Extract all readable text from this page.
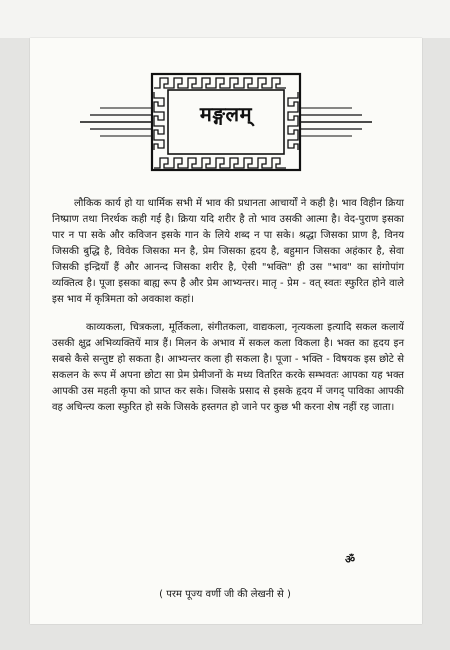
मङ्गलम्

लौकिक कार्य हो या धार्मिक सभी में भाव की प्रधानता आचार्यों ने कही है। भाव विहीन क्रिया निष्प्राण तथा निरर्थक कही गई है। क्रिया यदि शरीर है तो भाव उसकी आत्मा है। वेद-पुराण इसका पार न पा सके और कविजन इसके गान के लिये शब्द न पा सके। श्रद्धा जिसका प्राण है, विनय जिसकी बुद्धि है, विवेक जिसका मन है, प्रेम जिसका हृदय है, बहुमान जिसका अहंकार है, सेवा जिसकी इन्द्रियाँ हैं और आनन्द जिसका शरीर है, ऐसी "भक्ति" ही उस "भाव" का सांगोपांग व्यक्तित्व है। पूजा इसका बाह्य रूप है और प्रेम आभ्यन्तर। मातृ - प्रेम - वत् स्वतः स्फुरित होने वाले इस भाव में कृत्रिमता को अवकाश कहां।

काव्यकला, चित्रकला, मूर्तिकला, संगीतकला, वाद्यकला, नृत्यकला इत्यादि सकल कलायें उसकी क्षुद्र अभिव्यक्तियें मात्र हैं। मिलन के अभाव में सकल कला विकला है। भक्त का हृदय इन सबसे कैसे सन्तुष्ट हो सकता है। आभ्यन्तर कला ही सकला है। पूजा - भक्ति - विषयक इस छोटे से सकलन के रूप में अपना छोटा सा प्रेम प्रेमीजनों के मध्य वितरित करके सम्भवतः आपका यह भक्त आपकी उस महती कृपा को प्राप्त कर सके। जिसके प्रसाद से इसके हृदय में जगद् पाविका आपकी वह अचिन्त्य कला स्फुरित हो सके जिसके हस्तगत हो जाने पर कुछ भी करना शेष नहीं रह जाता।

ॐ
( परम पूज्य वर्णी जी की लेखनी से )
